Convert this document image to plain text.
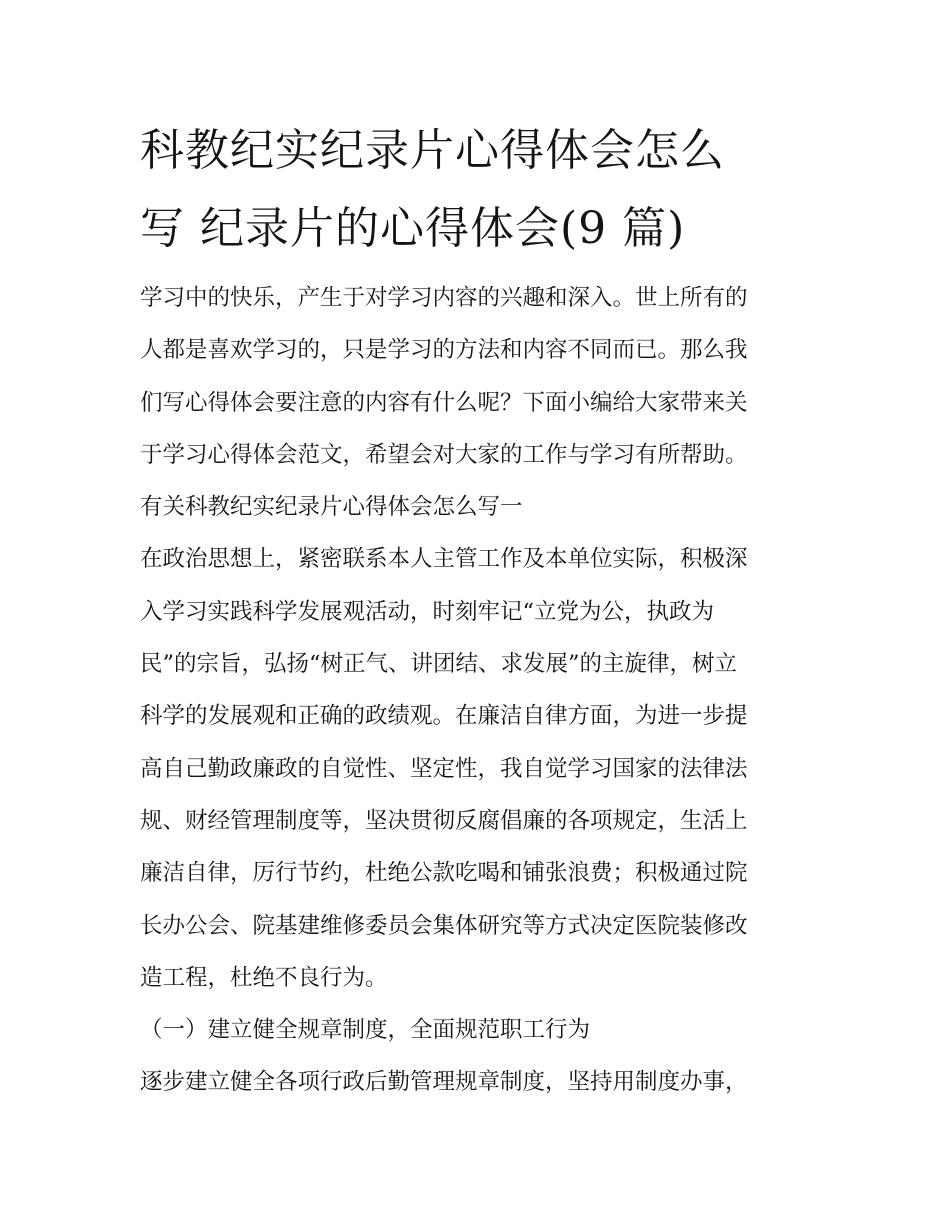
科教纪实纪录片心得体会怎么
写 纪录片的心得体会(9 篇)
学习中的快乐，产生于对学习内容的兴趣和深入。世上所有的
人都是喜欢学习的，只是学习的方法和内容不同而已。那么我
们写心得体会要注意的内容有什么呢？下面小编给大家带来关
于学习心得体会范文，希望会对大家的工作与学习有所帮助。
有关科教纪实纪录片心得体会怎么写一
在政治思想上，紧密联系本人主管工作及本单位实际，积极深
入学习实践科学发展观活动，时刻牢记“立党为公，执政为
民”的宗旨，弘扬“树正气、讲团结、求发展”的主旋律，树立
科学的发展观和正确的政绩观。在廉洁自律方面，为进一步提
高自己勤政廉政的自觉性、坚定性，我自觉学习国家的法律法
规、财经管理制度等，坚决贯彻反腐倡廉的各项规定，生活上
廉洁自律，厉行节约，杜绝公款吃喝和铺张浪费；积极通过院
长办公会、院基建维修委员会集体研究等方式决定医院装修改
造工程，杜绝不良行为。
（一）建立健全规章制度，全面规范职工行为
逐步建立健全各项行政后勤管理规章制度，坚持用制度办事，
